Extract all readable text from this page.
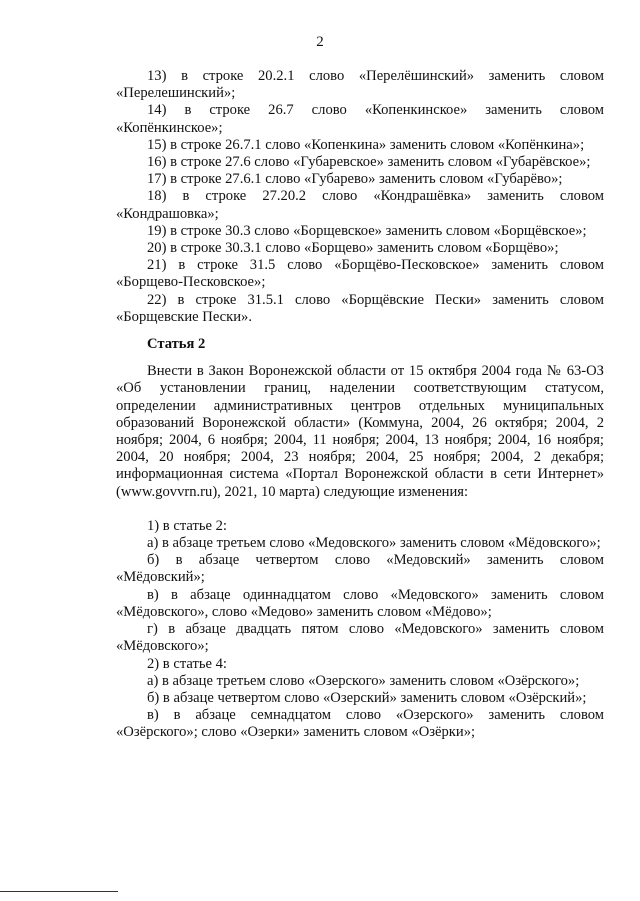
2

13) в строке 20.2.1 слово «Перелёшинский» заменить словом «Перелешинский»;

14) в строке 26.7 слово «Копенкинское» заменить словом «Копёнкинское»;

15) в строке 26.7.1 слово «Копенкина» заменить словом «Копёнкина»;

16) в строке 27.6 слово «Губаревское» заменить словом «Губарёвское»;

17) в строке 27.6.1 слово «Губарево» заменить словом «Губарёво»;

18) в строке 27.20.2 слово «Кондрашёвка» заменить словом «Кондрашовка»;

19) в строке 30.3 слово «Борщевское» заменить словом «Борщёвское»;

20) в строке 30.3.1 слово «Борщево» заменить словом «Борщёво»;

21) в строке 31.5 слово «Борщёво-Песковское» заменить словом «Борщево-Песковское»;

22) в строке 31.5.1 слово «Борщёвские Пески» заменить словом «Борщевские Пески».

Статья 2

Внести в Закон Воронежской области от 15 октября 2004 года № 63-ОЗ «Об установлении границ, наделении соответствующим статусом, определении административных центров отдельных муниципальных образований Воронежской области» (Коммуна, 2004, 26 октября; 2004, 2 ноября; 2004, 6 ноября; 2004, 11 ноября; 2004, 13 ноября; 2004, 16 ноября; 2004, 20 ноября; 2004, 23 ноября; 2004, 25 ноября; 2004, 2 декабря; информационная система «Портал Воронежской области в сети Интернет» (www.govvrn.ru), 2021, 10 марта) следующие изменения:

1) в статье 2:

а) в абзаце третьем слово «Медовского» заменить словом «Мёдовского»;

б) в абзаце четвертом слово «Медовский» заменить словом «Мёдовский»;

в) в абзаце одиннадцатом слово «Медовского» заменить словом «Мёдовского», слово «Медово» заменить словом «Мёдово»;

г) в абзаце двадцать пятом слово «Медовского» заменить словом «Мёдовского»;

2) в статье 4:

а) в абзаце третьем слово «Озерского» заменить словом «Озёрского»;

б) в абзаце четвертом слово «Озерский» заменить словом «Озёрский»;

в) в абзаце семнадцатом слово «Озерского» заменить словом «Озёрского»; слово «Озерки» заменить словом «Озёрки»;
